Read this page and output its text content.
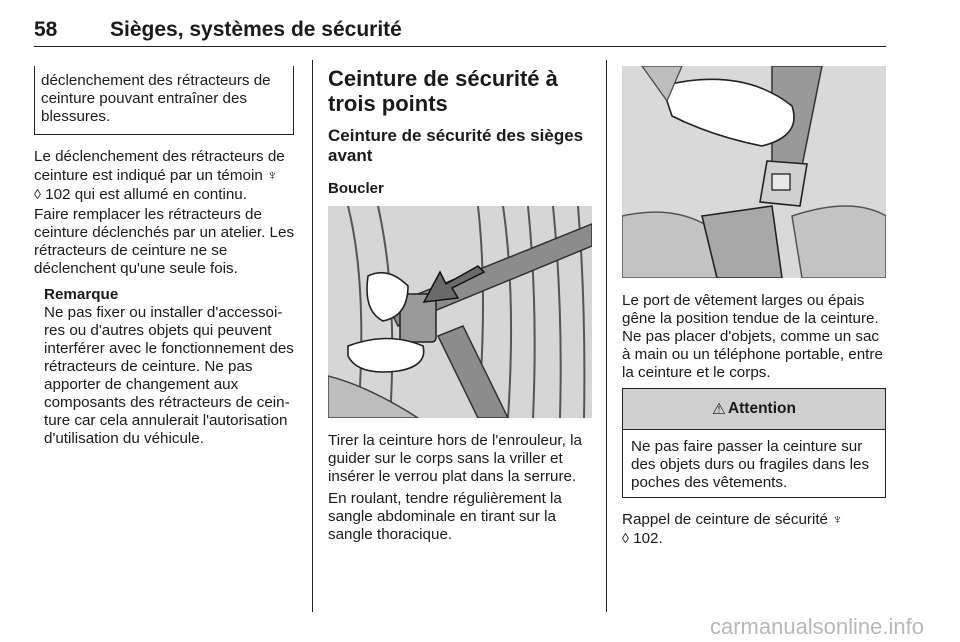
58	Sièges, systèmes de sécurité
déclenchement des rétracteurs de ceinture pouvant entraîner des blessures.
Le déclenchement des rétracteurs de ceinture est indiqué par un témoin ♆
◊ 102 qui est allumé en continu.
Faire remplacer les rétracteurs de ceinture déclenchés par un atelier. Les rétracteurs de ceinture ne se déclenchent qu'une seule fois.
Remarque
Ne pas fixer ou installer d'accessoi-res ou d'autres objets qui peuvent interférer avec le fonctionnement des rétracteurs de ceinture. Ne pas apporter de changement aux composants des rétracteurs de cein-ture car cela annulerait l'autorisation d'utilisation du véhicule.
Ceinture de sécurité à trois points
Ceinture de sécurité des sièges avant
Boucler
Tirer la ceinture hors de l'enrouleur, la guider sur le corps sans la vriller et insérer le verrou plat dans la serrure.
En roulant, tendre régulièrement la sangle abdominale en tirant sur la sangle thoracique.
Le port de vêtement larges ou épais gêne la position tendue de la ceinture. Ne pas placer d'objets, comme un sac à main ou un téléphone portable, entre la ceinture et le corps.
⚠ Attention
Ne pas faire passer la ceinture sur des objets durs ou fragiles dans les poches des vêtements.
Rappel de ceinture de sécurité ♆
◊ 102.
carmanualsonline.info
